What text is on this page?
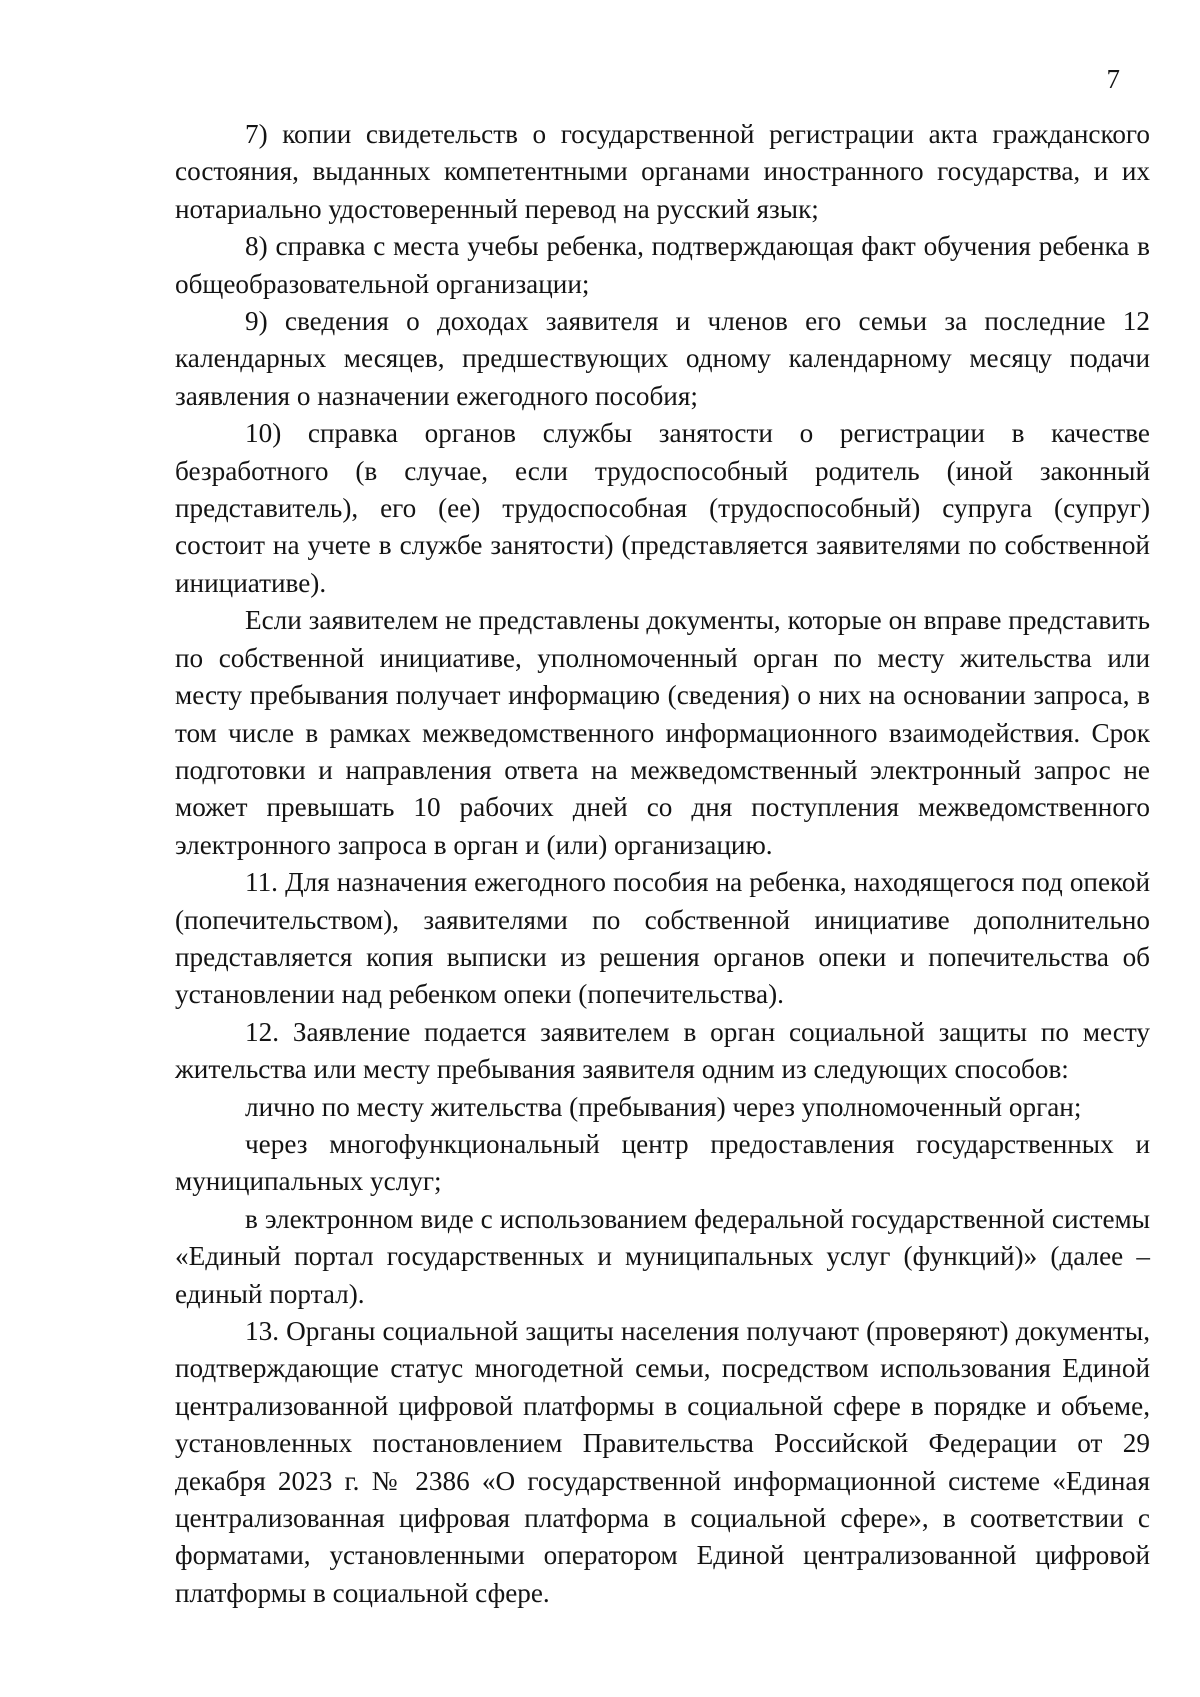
7

7) копии свидетельств о государственной регистрации акта гражданского состояния, выданных компетентными органами иностранного государства, и их нотариально удостоверенный перевод на русский язык;

8) справка с места учебы ребенка, подтверждающая факт обучения ребенка в общеобразовательной организации;

9) сведения о доходах заявителя и членов его семьи за последние 12 календарных месяцев, предшествующих одному календарному месяцу подачи заявления о назначении ежегодного пособия;

10) справка органов службы занятости о регистрации в качестве безработного (в случае, если трудоспособный родитель (иной законный представитель), его (ее) трудоспособная (трудоспособный) супруга (супруг) состоит на учете в службе занятости) (представляется заявителями по собственной инициативе).

Если заявителем не представлены документы, которые он вправе представить по собственной инициативе, уполномоченный орган по месту жительства или месту пребывания получает информацию (сведения) о них на основании запроса, в том числе в рамках межведомственного информационного взаимодействия. Срок подготовки и направления ответа на межведомственный электронный запрос не может превышать 10 рабочих дней со дня поступления межведомственного электронного запроса в орган и (или) организацию.

11. Для назначения ежегодного пособия на ребенка, находящегося под опекой (попечительством), заявителями по собственной инициативе дополнительно представляется копия выписки из решения органов опеки и попечительства об установлении над ребенком опеки (попечительства).

12. Заявление подается заявителем в орган социальной защиты по месту жительства или месту пребывания заявителя одним из следующих способов:

лично по месту жительства (пребывания) через уполномоченный орган;

через многофункциональный центр предоставления государственных и муниципальных услуг;

в электронном виде с использованием федеральной государственной системы «Единый портал государственных и муниципальных услуг (функций)» (далее – единый портал).

13. Органы социальной защиты населения получают (проверяют) документы, подтверждающие статус многодетной семьи, посредством использования Единой централизованной цифровой платформы в социальной сфере в порядке и объеме, установленных постановлением Правительства Российской Федерации от 29 декабря 2023 г. № 2386 «О государственной информационной системе «Единая централизованная цифровая платформа в социальной сфере», в соответствии с форматами, установленными оператором Единой централизованной цифровой платформы в социальной сфере.
